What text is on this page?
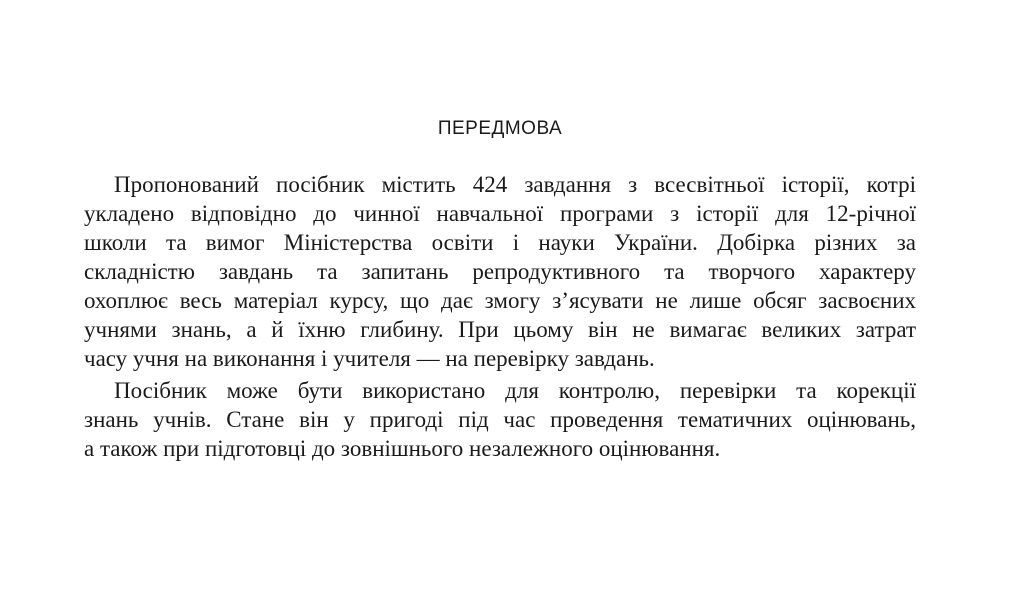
ПЕРЕДМОВА

Пропонований посібник містить 424 завдання з всесвітньої історії, котрі
укладено відповідно до чинної навчальної програми з історії для 12-річної
школи та вимог Міністерства освіти і науки України. Добірка різних за
складністю завдань та запитань репродуктивного та творчого характеру
охоплює весь матеріал курсу, що дає змогу з’ясувати не лише обсяг засвоєних
учнями знань, а й їхню глибину. При цьому він не вимагає великих затрат
часу учня на виконання і учителя — на перевірку завдань.

Посібник може бути використано для контролю, перевірки та корекції
знань учнів. Стане він у пригоді під час проведення тематичних оцінювань,
а також при підготовці до зовнішнього незалежного оцінювання.
